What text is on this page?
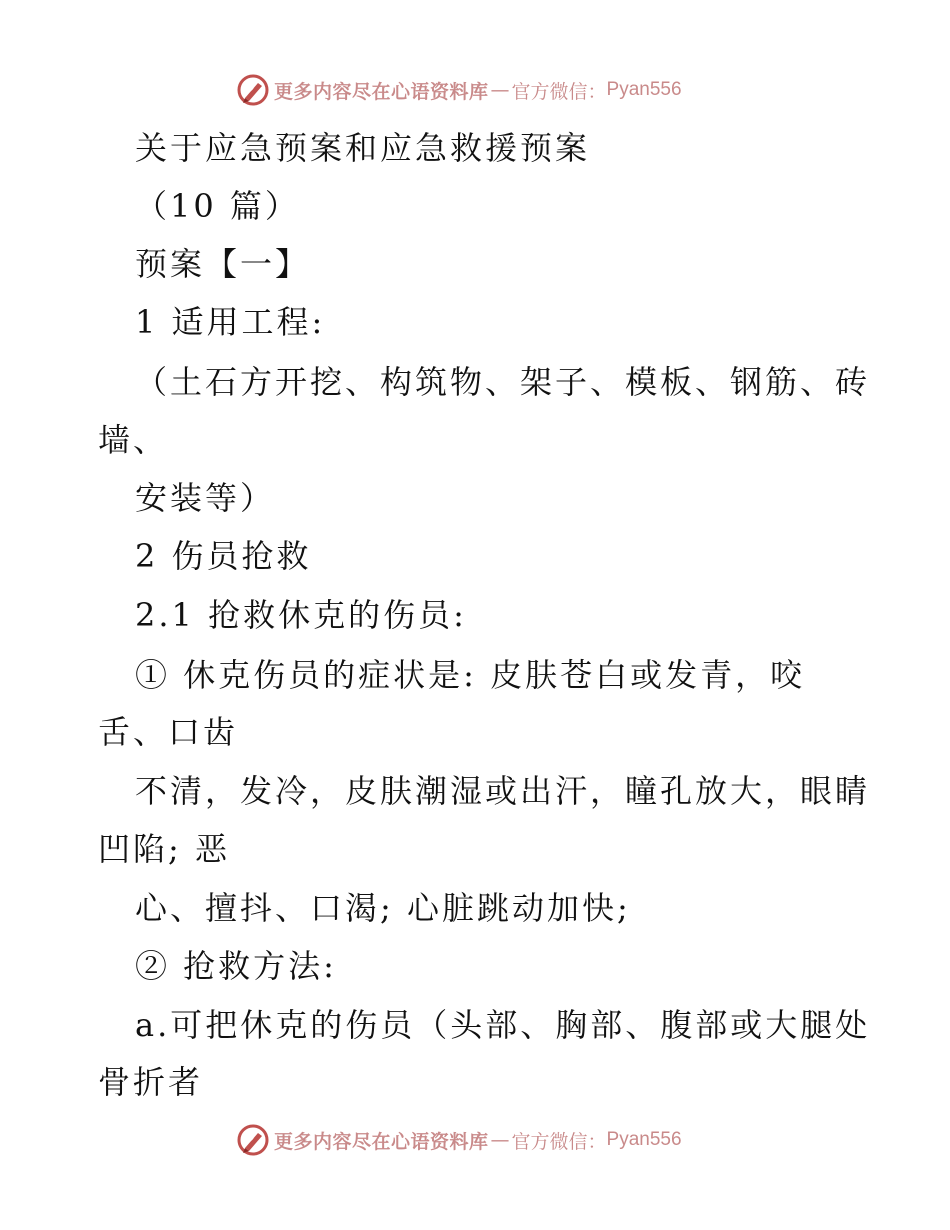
更多内容尽在心语资料库 — 官方微信： Pyan556
关于应急预案和应急救援预案
（10 篇）
预案【一】
1 适用工程:
（土石方开挖、构筑物、架子、模板、钢筋、砖
墙、
安装等）
2 伤员抢救
2.1 抢救休克的伤员:
① 休克伤员的症状是: 皮肤苍白或发青，咬
舌、口齿
不清，发冷，皮肤潮湿或出汗，瞳孔放大，眼睛
凹陷; 恶
心、擅抖、口渴; 心脏跳动加快;
② 抢救方法:
a.可把休克的伤员（头部、胸部、腹部或大腿处
骨折者
更多内容尽在心语资料库 — 官方微信： Pyan556
